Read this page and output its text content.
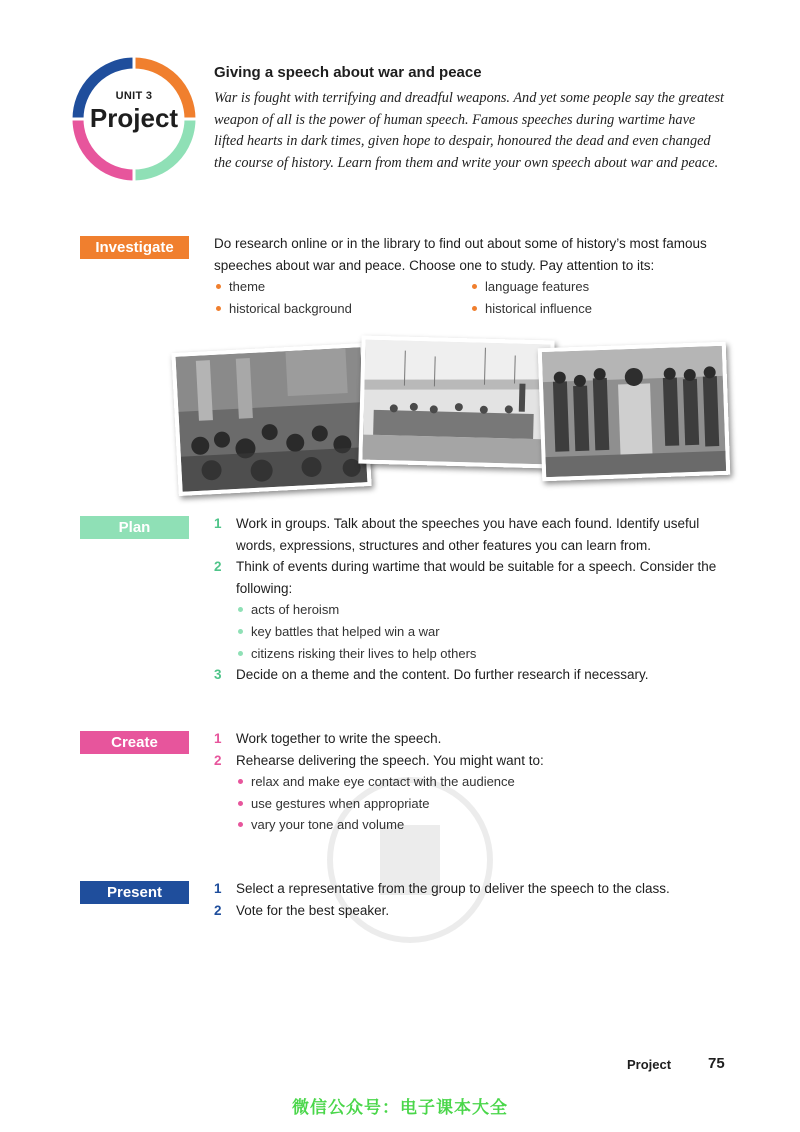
UNIT 3
Project
Giving a speech about war and peace
War is fought with terrifying and dreadful weapons. And yet some people say the greatest weapon of all is the power of human speech. Famous speeches during wartime have lifted hearts in dark times, given hope to despair, honoured the dead and even changed the course of history. Learn from them and write your own speech about war and peace.
Investigate	Do research online or in the library to find out about some of history’s most famous speeches about war and peace. Choose one to study. Pay attention to its:
theme
historical background
language features
historical influence
Plan	1 Work in groups. Talk about the speeches you have each found. Identify useful words, expressions, structures and other features you can learn from.
2 Think of events during wartime that would be suitable for a speech. Consider the following:
acts of heroism
key battles that helped win a war
citizens risking their lives to help others
3 Decide on a theme and the content. Do further research if necessary.
Create	1 Work together to write the speech.
2 Rehearse delivering the speech. You might want to:
relax and make eye contact with the audience
use gestures when appropriate
vary your tone and volume
Present	1 Select a representative from the group to deliver the speech to the class.
2 Vote for the best speaker.
Project 75
微信公众号：电子课本大全
